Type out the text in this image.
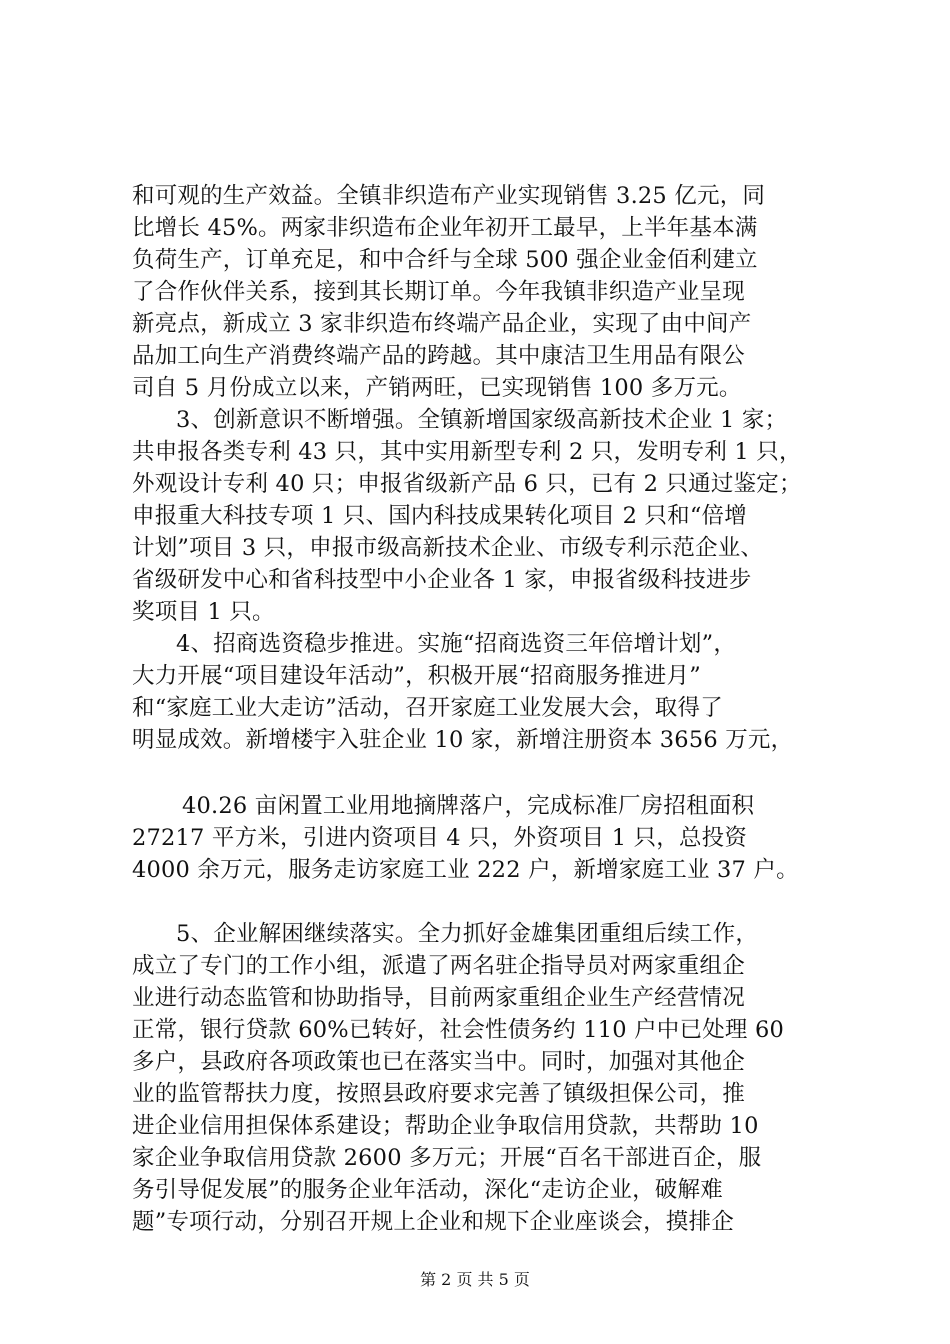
和可观的生产效益。全镇非织造布产业实现销售 3.25 亿元，同
比增长 45%。两家非织造布企业年初开工最早，上半年基本满
负荷生产，订单充足，和中合纤与全球 500 强企业金佰利建立
了合作伙伴关系，接到其长期订单。今年我镇非织造产业呈现
新亮点，新成立 3 家非织造布终端产品企业，实现了由中间产
品加工向生产消费终端产品的跨越。其中康洁卫生用品有限公
司自 5 月份成立以来，产销两旺，已实现销售 100 多万元。
3、创新意识不断增强。全镇新增国家级高新技术企业 1 家；
共申报各类专利 43 只，其中实用新型专利 2 只，发明专利 1 只，
外观设计专利 40 只；申报省级新产品 6 只，已有 2 只通过鉴定；
申报重大科技专项 1 只、国内科技成果转化项目 2 只和“倍增
计划”项目 3 只，申报市级高新技术企业、市级专利示范企业、
省级研发中心和省科技型中小企业各 1 家，申报省级科技进步
奖项目 1 只。
4、招商选资稳步推进。实施“招商选资三年倍增计划”，
大力开展“项目建设年活动”，积极开展“招商服务推进月”
和“家庭工业大走访”活动，召开家庭工业发展大会，取得了
明显成效。新增楼宇入驻企业 10 家，新增注册资本 3656 万元，
40.26 亩闲置工业用地摘牌落户，完成标准厂房招租面积
27217 平方米，引进内资项目 4 只，外资项目 1 只，总投资
4000 余万元，服务走访家庭工业 222 户，新增家庭工业 37 户。
5、企业解困继续落实。全力抓好金雄集团重组后续工作，
成立了专门的工作小组，派遣了两名驻企指导员对两家重组企
业进行动态监管和协助指导，目前两家重组企业生产经营情况
正常，银行贷款 60%已转好，社会性债务约 110 户中已处理 60
多户，县政府各项政策也已在落实当中。同时，加强对其他企
业的监管帮扶力度，按照县政府要求完善了镇级担保公司，推
进企业信用担保体系建设；帮助企业争取信用贷款，共帮助 10
家企业争取信用贷款 2600 多万元；开展“百名干部进百企，服
务引导促发展”的服务企业年活动，深化“走访企业，破解难
题”专项行动，分别召开规上企业和规下企业座谈会，摸排企
第 2 页 共 5 页
